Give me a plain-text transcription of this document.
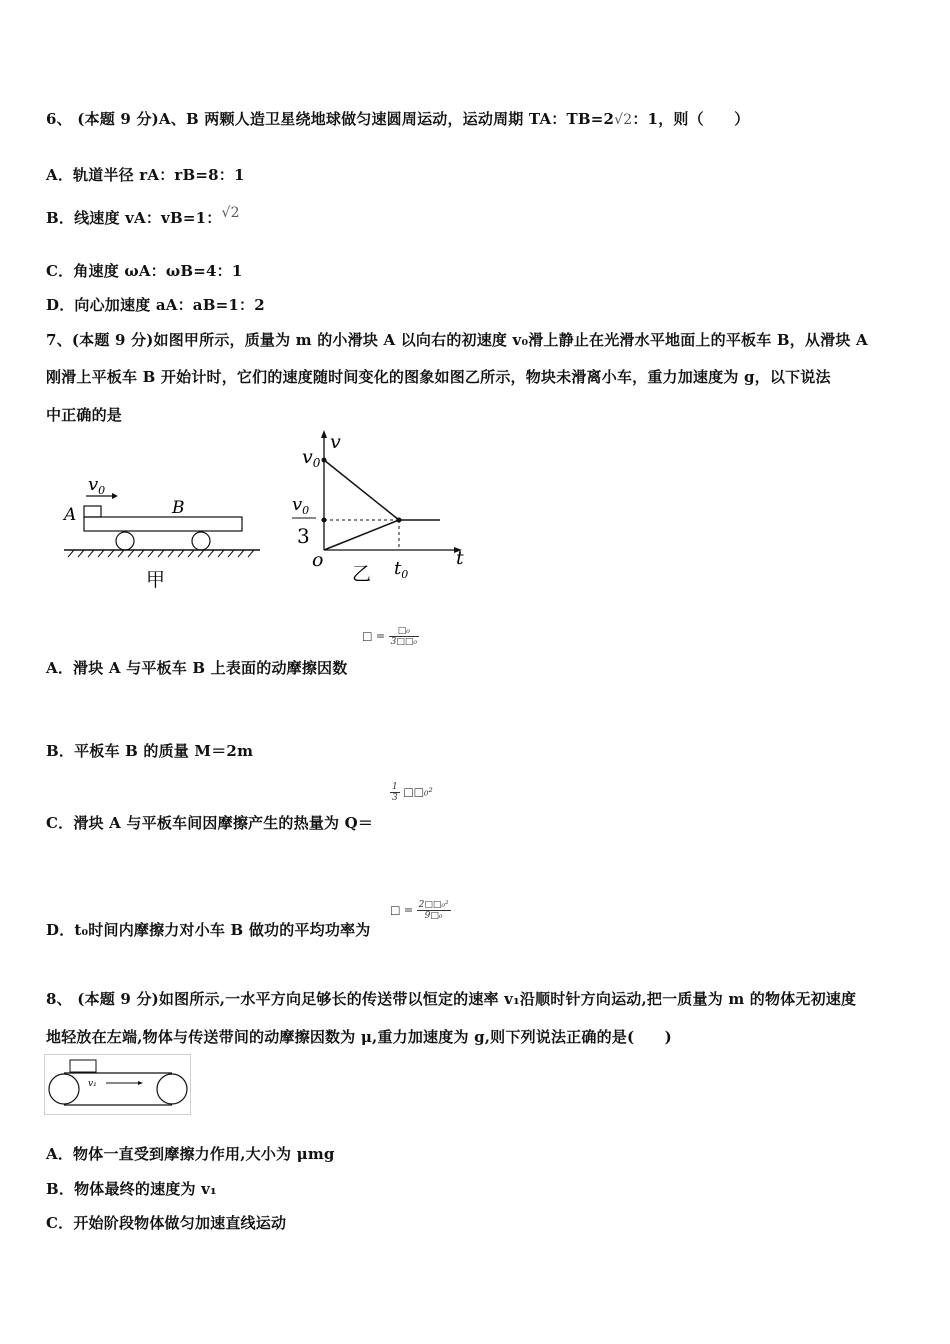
6、 (本题 9 分)A、B 两颗人造卫星绕地球做匀速圆周运动，运动周期 TA：TB=2√2：1，则（　　）
A．轨道半径 rA：rB=8：1
B．线速度 vA：vB=1：√2
C．角速度 ωA：ωB=4：1
D．向心加速度 aA：aB=1：2
7、(本题 9 分)如图甲所示，质量为 m 的小滑块 A 以向右的初速度 v₀滑上静止在光滑水平地面上的平板车 B，从滑块 A
刚滑上平板车 B 开始计时，它们的速度随时间变化的图象如图乙所示，物块未滑离小车，重力加速度为 g，以下说法
中正确的是
$v_0$
A	B
甲
v
$v_0$
$v_0$
3
o	t
$t_0$
乙
□ = $\frac{\text{□₀}}{\text{3□□₀}}$
A．滑块 A 与平板车 B 上表面的动摩擦因数
B．平板车 B 的质量 M＝2m
$\frac{1}{3}$ □□₀²
C．滑块 A 与平板车间因摩擦产生的热量为 Q＝
□ = $\frac{\text{2□□₀²}}{\text{9□₀}}$
D．t₀时间内摩擦力对小车 B 做功的平均功率为
8、 (本题 9 分)如图所示,一水平方向足够长的传送带以恒定的速率 v₁沿顺时针方向运动,把一质量为 m 的物体无初速度
地轻放在左端,物体与传送带间的动摩擦因数为 μ,重力加速度为 g,则下列说法正确的是(　　)
v₁
A．物体一直受到摩擦力作用,大小为 μmg
B．物体最终的速度为 v₁
C．开始阶段物体做匀加速直线运动
